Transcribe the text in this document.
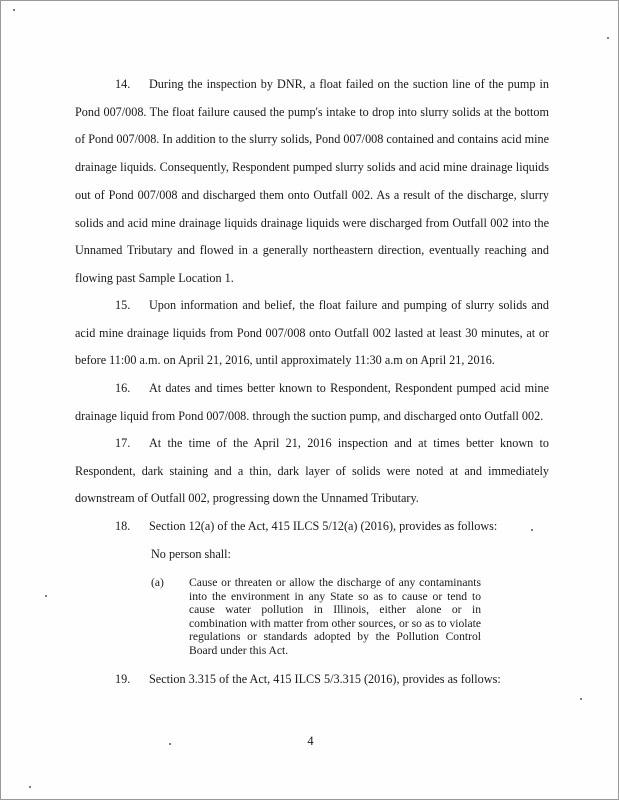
14. During the inspection by DNR, a float failed on the suction line of the pump in Pond 007/008. The float failure caused the pump's intake to drop into slurry solids at the bottom of Pond 007/008. In addition to the slurry solids, Pond 007/008 contained and contains acid mine drainage liquids. Consequently, Respondent pumped slurry solids and acid mine drainage liquids out of Pond 007/008 and discharged them onto Outfall 002. As a result of the discharge, slurry solids and acid mine drainage liquids drainage liquids were discharged from Outfall 002 into the Unnamed Tributary and flowed in a generally northeastern direction, eventually reaching and flowing past Sample Location 1.
15. Upon information and belief, the float failure and pumping of slurry solids and acid mine drainage liquids from Pond 007/008 onto Outfall 002 lasted at least 30 minutes, at or before 11:00 a.m. on April 21, 2016, until approximately 11:30 a.m on April 21, 2016.
16. At dates and times better known to Respondent, Respondent pumped acid mine drainage liquid from Pond 007/008. through the suction pump, and discharged onto Outfall 002.
17. At the time of the April 21, 2016 inspection and at times better known to Respondent, dark staining and a thin, dark layer of solids were noted at and immediately downstream of Outfall 002, progressing down the Unnamed Tributary.
18. Section 12(a) of the Act, 415 ILCS 5/12(a) (2016), provides as follows:
No person shall:
(a) Cause or threaten or allow the discharge of any contaminants into the environment in any State so as to cause or tend to cause water pollution in Illinois, either alone or in combination with matter from other sources, or so as to violate regulations or standards adopted by the Pollution Control Board under this Act.
19. Section 3.315 of the Act, 415 ILCS 5/3.315 (2016), provides as follows:
4
